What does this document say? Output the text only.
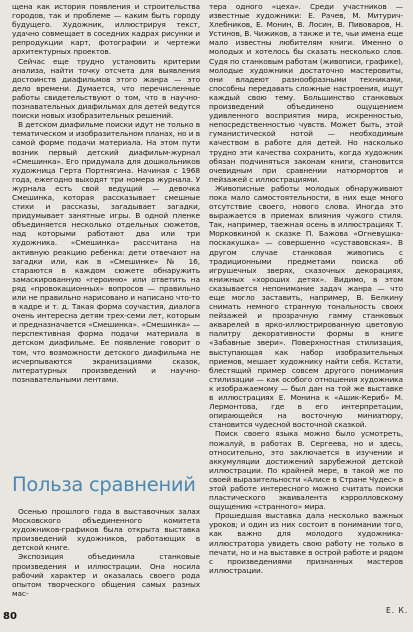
щена как история появления и строительства городов, так и проблеме — каким быть городу будущего. Художник, иллюстрируя текст, удачно совмещает в соседних кадрах рисунки и репродукции карт, фотографии и чертежи архитектурных проектов.

Сейчас еще трудно установить критерии анализа, найти точку отсчета для выявления достоинств диафильмов этого жанра — это дело времени. Думается, что перечисленные работы свидетельствуют о том, что в научно-познавательных диафильмах для детей ведутся поиски новых изобразительных решений.

В детском диафильме поиски идут не только в тематическом и изобразительном планах, но и в самой форме подачи материала. На этом пути возник первый детский диафильм-журнал «Смешинка». Его придумала для дошкольников художница Герта Портнягина. Начиная с 1968 года, ежегодно выходят три номера журнала. У журнала есть свой ведущий — девочка Смешинка, которая рассказывает смешные стихи и рассказы, загадывает загадки, придумывает занятные игры. В одной пленке объединяется несколько отдельных сюжетов, над которыми работают два или три художника. «Смешинка» рассчитана на активную реакцию ребенка: дети отвечают на загадки или, как в «Смешинке» № 16, стараются в каждом сюжете обнаружить замаскированную «героиню» или ответить на ряд «провокационных» вопросов — правильно или не правильно нарисовано и написано что-то в кадре и т. д. Такая форма соучастия, диалога очень интересна детям трех-семи лет, которым и предназначается «Смешинка». «Смешинка» — перспективная форма подачи материала в детском диафильме. Ее появление говорит о том, что возможности детского диафильма не исчерпываются экранизациями сказок, литературных произведений и научно-познавательными лентами.

Польза сравнений

Осенью прошлого года в выставочных залах Московского объединенного комитета художников-графиков была открыта выставка произведений художников, работающих в детской книге.

Экспозиция объединила станковые произведения и иллюстрации. Она носила рабочий характер и оказалась своего рода опытом творческого общения самых разных мас-

тера одного «цеха». Среди участников — известные художники: Е. Рачев, М. Митурич-Хлебников, Е. Монин, В. Лосин, В. Пивоваров, Н. Устинов, В. Чижиков, а также и те, чьи имена еще мало известны любителям книги. Именно о молодых и хотелось бы сказать несколько слов. Судя по станковым работам (живописи, графике), молодые художники достаточно мастеровиты, они владеют разнообразными техниками, способны передавать сложные настроения, ищут каждый свою тему. Большинство станковых произведений объединено ощущением удивленного восприятия мира, искренностью, непосредственностью чувств. Может быть, этой гуманистической нотой — необходимым качеством в работе для детей. Но насколько трудно эти качества сохранить, когда художник обязан подчиняться законам книги, становится очевидным при сравнении натюрмортов и пейзажей с иллюстрациями.

Живописные работы молодых обнаруживают пока мало самостоятельности, в них еще много отсутствие своего, нового слова. Иногда это выражается в приемах влияния чужого стиля. Так, например, таежная осень в иллюстрациях Т. Морковкиной к сказке П. Бажова «Огневушка-поскакушка» — совершенно «суставовская». В другом случае станковая живопись с традиционными предметами поиска об игрушечных зверях, сказочных декорациях, книжных «хороших детях». Видимо, в этом сказывается непонимание задач жанра — что еще могло заставить, например, В. Белкину снимать немного странную тональность своих пейзажей и прозрачную гамму станковых акварелей в ярко-иллюстрированную цветовую палитру декоративности формы в книге «Забавные звери». Поверхностная стилизация, выступающая как набор изобразительных приемов, мешает художнику найти себя. Кстати, блестящий пример совсем другого понимания стилизации — как особого отношения художника к изображаемому — был дан на той же выставке в иллюстрациях Е. Монина к «Ашик-Кериб» М. Лермонтова, где в его интерпретации, опирающейся на восточную миниатюру, становится чудесной восточной сказкой.

Поиск своего языка можно было усмотреть, пожалуй, в работах В. Сергеева, но и здесь, относительно, это заключается в изучении и аккумуляции достижений зарубежной детской иллюстрации. По крайней мере, в такой же по своей выразительности «Алисе в Стране Чудес» в этой работе интересного можно считать поиски пластического эквивалента кэрролловскому ощущению «странного» мира.

Прошедшая выставка дала несколько важных уроков; и один из них состоит в понимании того, как важно для молодого художника-иллюстратора увидеть свою работу не только в печати, но и на выставке в острой работе и рядом с произведениями признанных мастеров иллюстрации.

Е. К.
80
